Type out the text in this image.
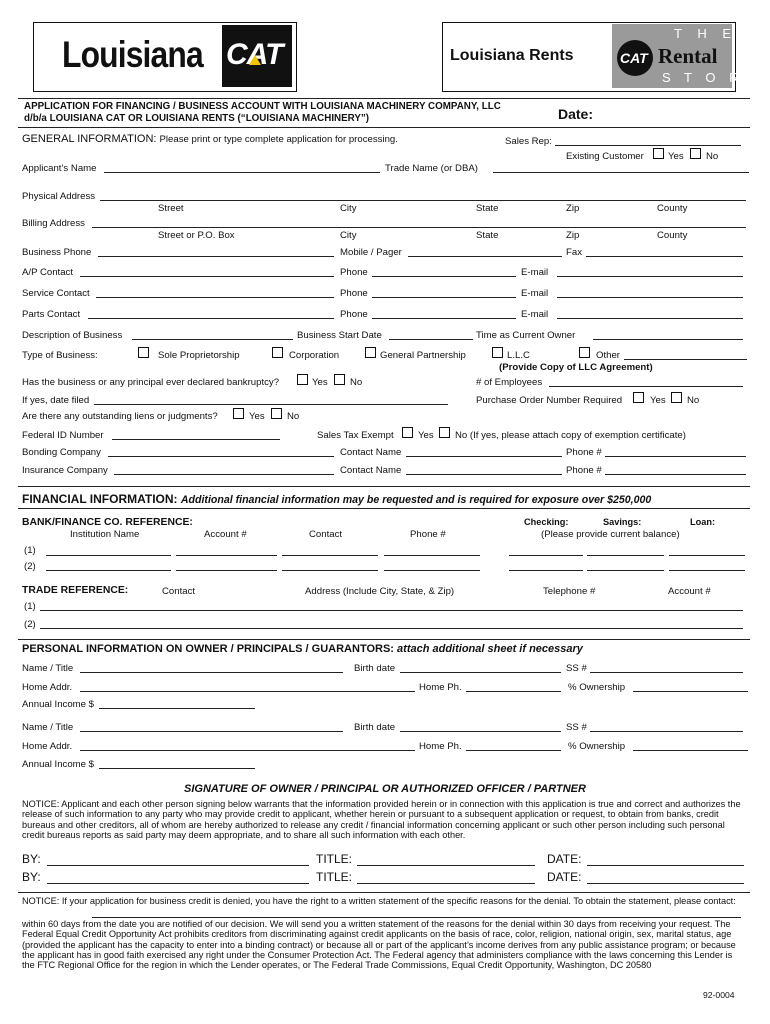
Louisiana CAT	Louisiana Rents	CAT
T H E
Rental
S T O R E
APPLICATION FOR FINANCING / BUSINESS ACCOUNT WITH LOUISIANA MACHINERY COMPANY, LLC
d/b/a LOUISIANA CAT OR LOUISIANA RENTS (“LOUISIANA MACHINERY”)	Date:
GENERAL INFORMATION: Please print or type complete application for processing.	Sales Rep:
Existing Customer	Yes No
Applicant’s Name	Trade Name (or DBA)
Physical Address
Street	City	State	Zip	County
Billing Address
Street or P.O. Box	City	State	Zip	County
Business Phone	Mobile / Pager	Fax
A/P Contact	Phone	E-mail
Service Contact	Phone	E-mail
Parts Contact	Phone	E-mail
Description of Business	Business Start Date	Time as Current Owner
Type of Business:	Sole Proprietorship	Corporation	General Partnership	L.L.C	Other
(Provide Copy of LLC Agreement)
Has the business or any principal ever declared bankruptcy?	Yes No	# of Employees
If yes, date filed	Purchase Order Number Required	Yes No
Are there any outstanding liens or judgments?	Yes No
Federal ID Number	Sales Tax Exempt	Yes No (If yes, please attach copy of exemption certificate)
Bonding Company	Contact Name	Phone #
Insurance Company	Contact Name	Phone #
FINANCIAL INFORMATION: Additional financial information may be requested and is required for exposure over $250,000
BANK/FINANCE CO. REFERENCE:	Checking:	Savings:	Loan:
Institution Name	Account #	Contact	Phone #	(Please provide current balance)
(1)
(2)
TRADE REFERENCE:	Contact	Address (Include City, State, & Zip)	Telephone #	Account #
(1)
(2)
PERSONAL INFORMATION ON OWNER / PRINCIPALS / GUARANTORS: attach additional sheet if necessary
Name / Title	Birth date	SS #
Home Addr.	Home Ph.	% Ownership
Annual Income $
Name / Title	Birth date	SS #
Home Addr.	Home Ph.	% Ownership
Annual Income $
SIGNATURE OF OWNER / PRINCIPAL OR AUTHORIZED OFFICER / PARTNER
NOTICE: Applicant and each other person signing below warrants that the information provided herein or in connection with this application is true and correct and authorizes the release of such information to any party who may provide credit to applicant, whether herein or pursuant to a subsequent application or request, to obtain from banks, credit bureaus and other creditors, all of whom are hereby authorized to release any credit / financial information concerning applicant or such other person including such personal credit bureaus reports as said party may deem appropriate, and to share all such information with each other.
BY:	TITLE:	DATE:
BY:	TITLE:	DATE:
NOTICE: If your application for business credit is denied, you have the right to a written statement of the specific reasons for the denial. To obtain the statement, please contact:
within 60 days from the date you are notified of our decision. We will send you a written statement of the reasons for the denial within 30 days from receiving your request. The Federal Equal Credit Opportunity Act prohibits creditors from discriminating against credit applicants on the basis of race, color, religion, national origin, sex, marital status, age (provided the applicant has the capacity to enter into a binding contract) or because all or part of the applicant’s income derives from any public assistance program; or because the applicant has in good faith exercised any right under the Consumer Protection Act. The Federal agency that administers compliance with the laws concerning this Lender is the FTC Regional Office for the region in which the Lender operates, or The Federal Trade Commissions, Equal Credit Opportunity, Washington, DC 20580
92-0004
